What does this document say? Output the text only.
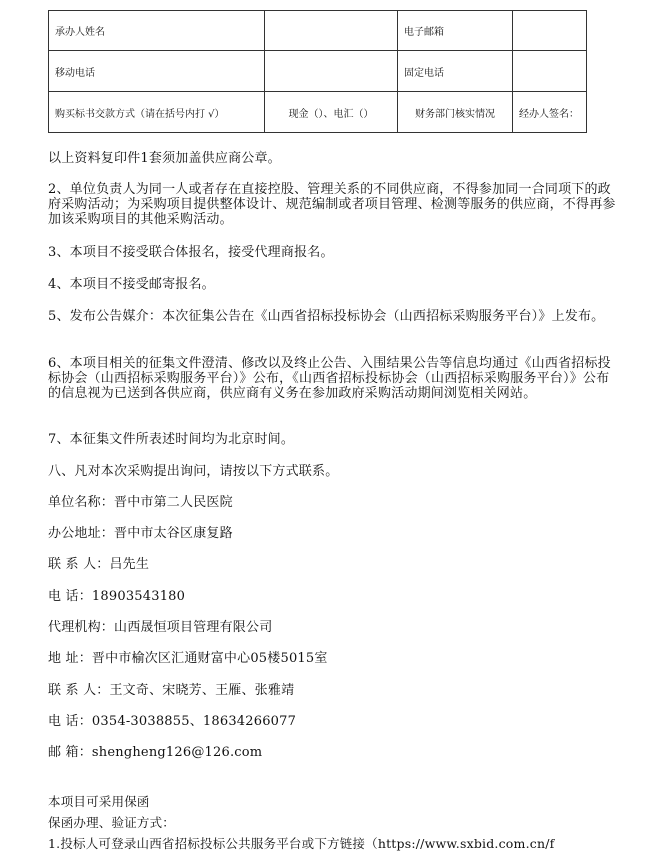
承办人姓名		电子邮箱	
移动电话		固定电话	
购买标书交款方式（请在括号内打 √）	现金（）、电汇（）	财务部门核实情况	经办人签名：

以上资料复印件1套须加盖供应商公章。

2、单位负责人为同一人或者存在直接控股、管理关系的不同供应商，不得参加同一合同项下的政府采购活动；为采购项目提供整体设计、规范编制或者项目管理、检测等服务的供应商，不得再参加该采购项目的其他采购活动。

3、本项目不接受联合体报名，接受代理商报名。

4、本项目不接受邮寄报名。

5、发布公告媒介：本次征集公告在《山西省招标投标协会（山西招标采购服务平台）》上发布。

6、本项目相关的征集文件澄清、修改以及终止公告、入围结果公告等信息均通过《山西省招标投标协会（山西招标采购服务平台）》公布，《山西省招标投标协会（山西招标采购服务平台）》公布的信息视为已送到各供应商，供应商有义务在参加政府采购活动期间浏览相关网站。

7、本征集文件所表述时间均为北京时间。

八、凡对本次采购提出询问，请按以下方式联系。

单位名称：晋中市第二人民医院

办公地址：晋中市太谷区康复路

联 系 人：吕先生

电 话：18903543180

代理机构：山西晟恒项目管理有限公司

地 址：晋中市榆次区汇通财富中心05楼5015室

联 系 人：王文奇、宋晓芳、王雁、张雅靖

电 话：0354-3038855、18634266077

邮 箱：shengheng126@126.com

本项目可采用保函

保函办理、验证方式：

1.投标人可登录山西省招标投标公共服务平台或下方链接（https://www.sxbid.com.cn/f
